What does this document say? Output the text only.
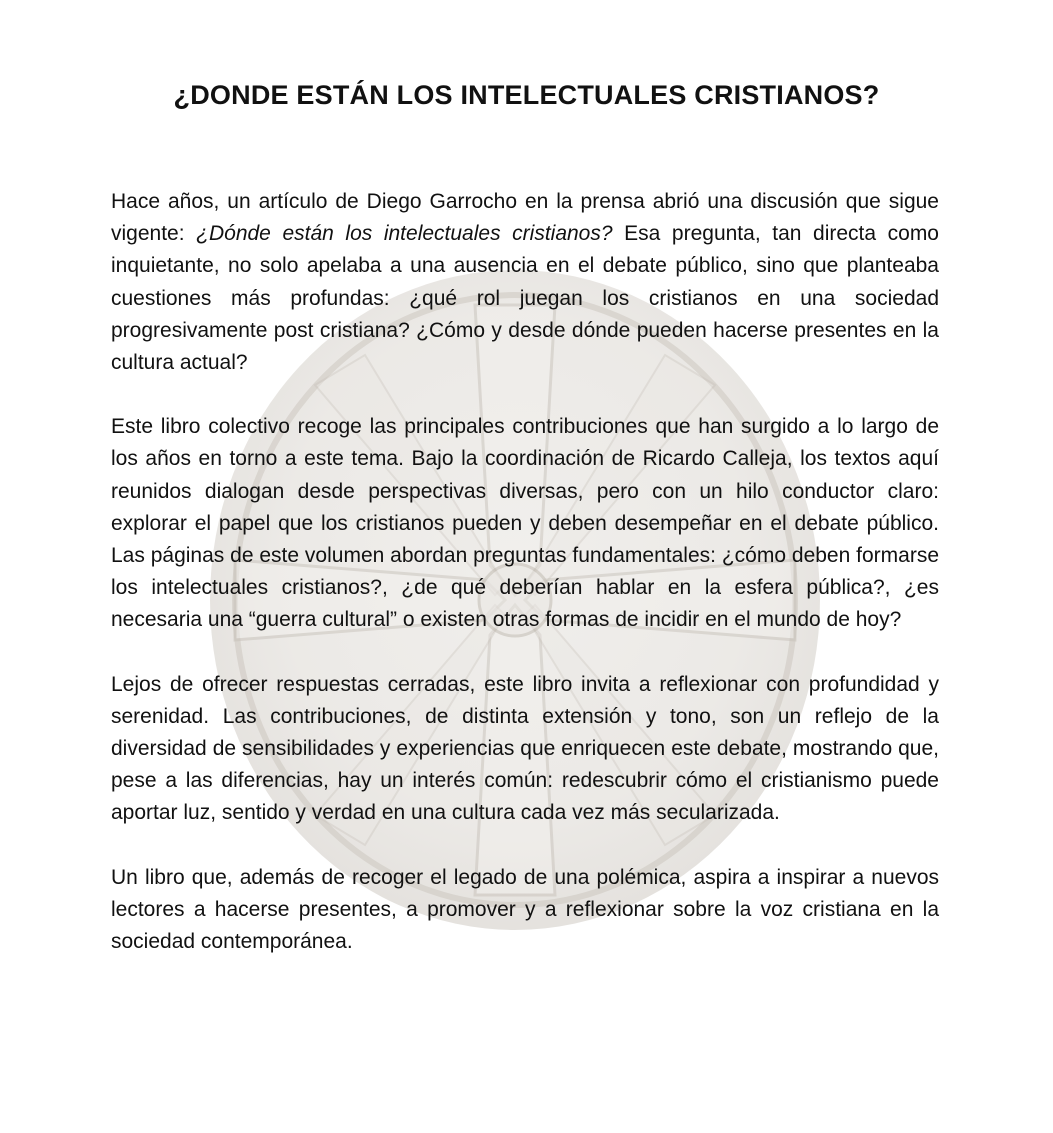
¿DONDE ESTÁN LOS INTELECTUALES CRISTIANOS?

Hace años, un artículo de Diego Garrocho en la prensa abrió una discusión que sigue vigente: ¿Dónde están los intelectuales cristianos? Esa pregunta, tan directa como inquietante, no solo apelaba a una ausencia en el debate público, sino que planteaba cuestiones más profundas: ¿qué rol juegan los cristianos en una sociedad progresivamente post cristiana? ¿Cómo y desde dónde pueden hacerse presentes en la cultura actual?

Este libro colectivo recoge las principales contribuciones que han surgido a lo largo de los años en torno a este tema. Bajo la coordinación de Ricardo Calleja, los textos aquí reunidos dialogan desde perspectivas diversas, pero con un hilo conductor claro: explorar el papel que los cristianos pueden y deben desempeñar en el debate público. Las páginas de este volumen abordan preguntas fundamentales: ¿cómo deben formarse los intelectuales cristianos?, ¿de qué deberían hablar en la esfera pública?, ¿es necesaria una “guerra cultural” o existen otras formas de incidir en el mundo de hoy?

Lejos de ofrecer respuestas cerradas, este libro invita a reflexionar con profundidad y serenidad. Las contribuciones, de distinta extensión y tono, son un reflejo de la diversidad de sensibilidades y experiencias que enriquecen este debate, mostrando que, pese a las diferencias, hay un interés común: redescubrir cómo el cristianismo puede aportar luz, sentido y verdad en una cultura cada vez más secularizada.

Un libro que, además de recoger el legado de una polémica, aspira a inspirar a nuevos lectores a hacerse presentes, a promover y a reflexionar sobre la voz cristiana en la sociedad contemporánea.
